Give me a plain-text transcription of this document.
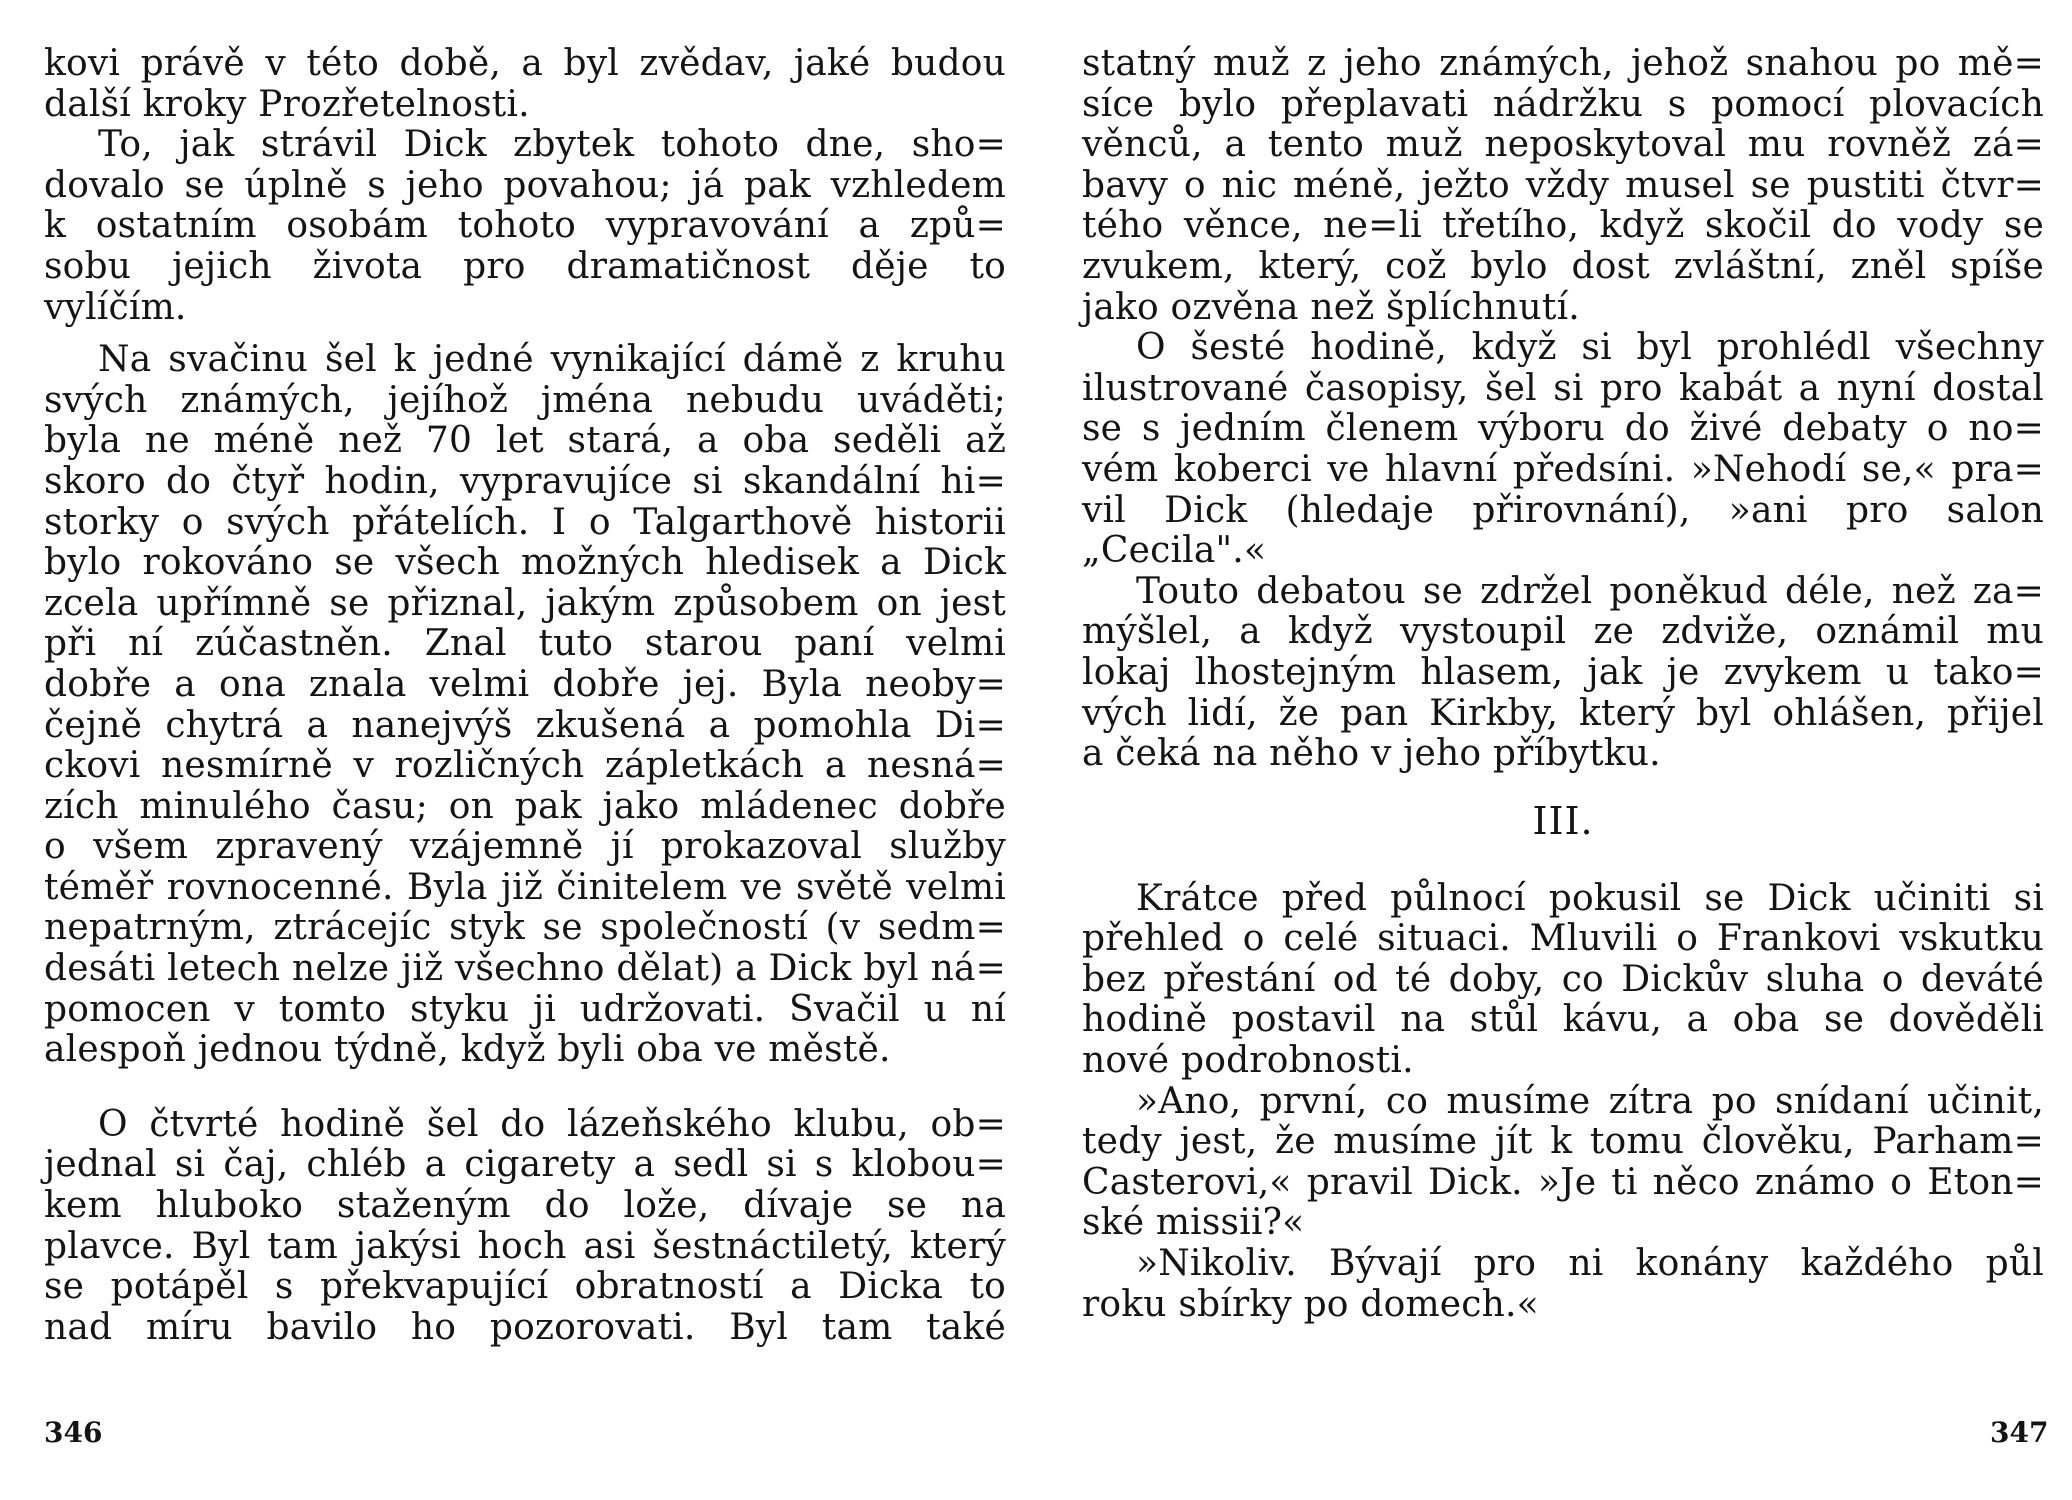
kovi právě v této době, a byl zvědav, jaké budou
další kroky Prozřetelnosti.
To, jak strávil Dick zbytek tohoto dne, sho=
dovalo se úplně s jeho povahou; já pak vzhledem
k ostatním osobám tohoto vypravování a způ=
sobu jejich života pro dramatičnost děje to
vylíčím.
Na svačinu šel k jedné vynikající dámě z kruhu
svých známých, jejíhož jména nebudu uváděti;
byla ne méně než 70 let stará, a oba seděli až
skoro do čtyř hodin, vypravujíce si skandální hi=
storky o svých přátelích. I o Talgarthově historii
bylo rokováno se všech možných hledisek a Dick
zcela upřímně se přiznal, jakým způsobem on jest
při ní zúčastněn. Znal tuto starou paní velmi
dobře a ona znala velmi dobře jej. Byla neoby=
čejně chytrá a nanejvýš zkušená a pomohla Di=
ckovi nesmírně v rozličných zápletkách a nesná=
zích minulého času; on pak jako mládenec dobře
o všem zpravený vzájemně jí prokazoval služby
téměř rovnocenné. Byla již činitelem ve světě velmi
nepatrným, ztrácejíc styk se společností (v sedm=
desáti letech nelze již všechno dělat) a Dick byl ná=
pomocen v tomto styku ji udržovati. Svačil u ní
alespoň jednou týdně, když byli oba ve městě.
O čtvrté hodině šel do lázeňského klubu, ob=
jednal si čaj, chléb a cigarety a sedl si s klobou=
kem hluboko staženým do lože, dívaje se na
plavce. Byl tam jakýsi hoch asi šestnáctiletý, který
se potápěl s překvapující obratností a Dicka to
nad míru bavilo ho pozorovati. Byl tam také
346
statný muž z jeho známých, jehož snahou po mě=
síce bylo přeplavati nádržku s pomocí plovacích
věnců, a tento muž neposkytoval mu rovněž zá=
bavy o nic méně, ježto vždy musel se pustiti čtvr=
tého věnce, ne=li třetího, když skočil do vody se
zvukem, který, což bylo dost zvláštní, zněl spíše
jako ozvěna než šplíchnutí.
O šesté hodině, když si byl prohlédl všechny
ilustrované časopisy, šel si pro kabát a nyní dostal
se s jedním členem výboru do živé debaty o no=
vém koberci ve hlavní předsíni. »Nehodí se,« pra=
vil Dick (hledaje přirovnání), »ani pro salon
„Cecila".«
Touto debatou se zdržel poněkud déle, než za=
mýšlel, a když vystoupil ze zdviže, oznámil mu
lokaj lhostejným hlasem, jak je zvykem u tako=
vých lidí, že pan Kirkby, který byl ohlášen, přijel
a čeká na něho v jeho příbytku.
III.
Krátce před půlnocí pokusil se Dick učiniti si
přehled o celé situaci. Mluvili o Frankovi vskutku
bez přestání od té doby, co Dickův sluha o deváté
hodině postavil na stůl kávu, a oba se dověděli
nové podrobnosti.
»Ano, první, co musíme zítra po snídaní učinit,
tedy jest, že musíme jít k tomu člověku, Parham=
Casterovi,« pravil Dick. »Je ti něco známo o Eton=
ské missii?«
»Nikoliv. Bývají pro ni konány každého půl
roku sbírky po domech.«
347
